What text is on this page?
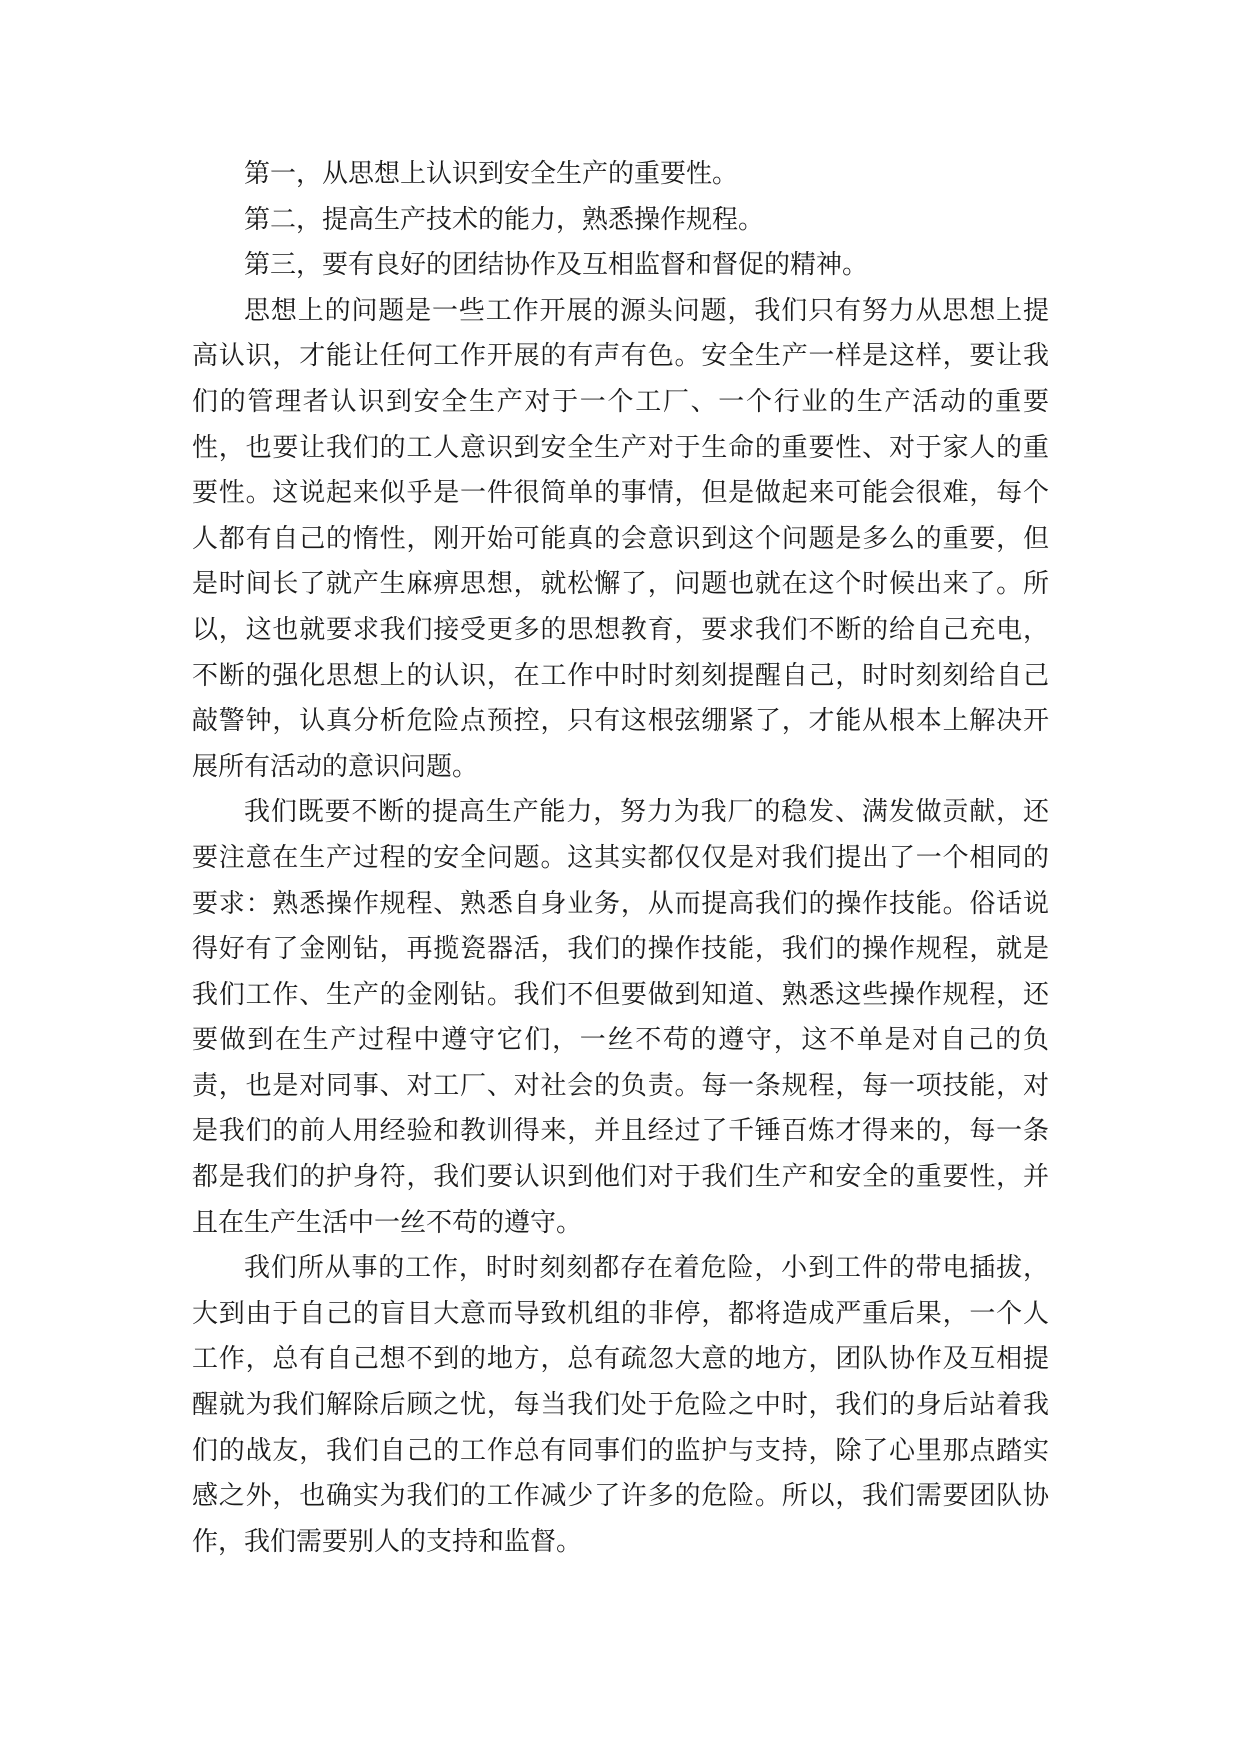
第一，从思想上认识到安全生产的重要性。

第二，提高生产技术的能力，熟悉操作规程。

第三，要有良好的团结协作及互相监督和督促的精神。

思想上的问题是一些工作开展的源头问题，我们只有努力从思想上提高认识，才能让任何工作开展的有声有色。安全生产一样是这样，要让我们的管理者认识到安全生产对于一个工厂、一个行业的生产活动的重要性，也要让我们的工人意识到安全生产对于生命的重要性、对于家人的重要性。这说起来似乎是一件很简单的事情，但是做起来可能会很难，每个人都有自己的惰性，刚开始可能真的会意识到这个问题是多么的重要，但是时间长了就产生麻痹思想，就松懈了，问题也就在这个时候出来了。所以，这也就要求我们接受更多的思想教育，要求我们不断的给自己充电，不断的强化思想上的认识，在工作中时时刻刻提醒自己，时时刻刻给自己敲警钟，认真分析危险点预控，只有这根弦绷紧了，才能从根本上解决开展所有活动的意识问题。

我们既要不断的提高生产能力，努力为我厂的稳发、满发做贡献，还要注意在生产过程的安全问题。这其实都仅仅是对我们提出了一个相同的要求：熟悉操作规程、熟悉自身业务，从而提高我们的操作技能。俗话说得好有了金刚钻，再揽瓷器活，我们的操作技能，我们的操作规程，就是我们工作、生产的金刚钻。我们不但要做到知道、熟悉这些操作规程，还要做到在生产过程中遵守它们，一丝不苟的遵守，这不单是对自己的负责，也是对同事、对工厂、对社会的负责。每一条规程，每一项技能，对是我们的前人用经验和教训得来，并且经过了千锤百炼才得来的，每一条都是我们的护身符，我们要认识到他们对于我们生产和安全的重要性，并且在生产生活中一丝不苟的遵守。

我们所从事的工作，时时刻刻都存在着危险，小到工件的带电插拔，大到由于自己的盲目大意而导致机组的非停，都将造成严重后果，一个人工作，总有自己想不到的地方，总有疏忽大意的地方，团队协作及互相提醒就为我们解除后顾之忧，每当我们处于危险之中时，我们的身后站着我们的战友，我们自己的工作总有同事们的监护与支持，除了心里那点踏实感之外，也确实为我们的工作减少了许多的危险。所以，我们需要团队协作，我们需要别人的支持和监督。
